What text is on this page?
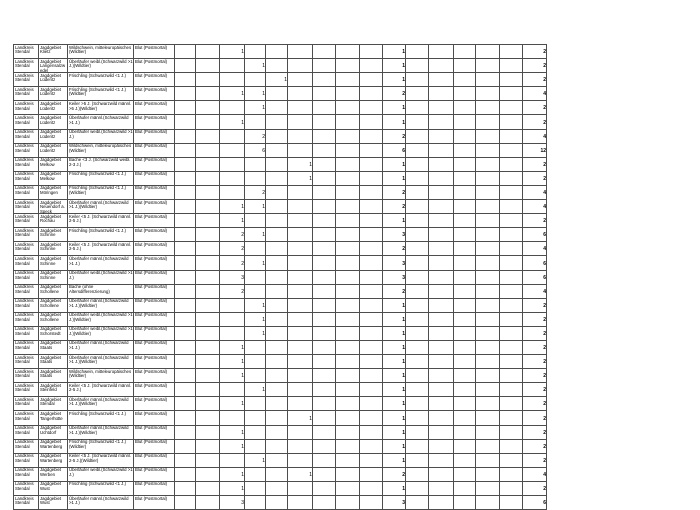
Landkreis Stendal	Jagdgebiet Klietz	Wildschwein, mitteleuropäisches (Wildtier)	Blut (Postmortal)			1							1						2

Landkreis Stendal	Jagdgebiet Langensalzwedel	Überläufer weibl.(Schwarzwild >1 J.)(Wildtier)	Blut (Postmortal)				1						1						2

Landkreis Stendal	Jagdgebiet Lüderitz	Frischling (Schwarzwild <1 J.)	Blut (Postmortal)					1					1						2

Landkreis Stendal	Jagdgebiet Lüderitz	Frischling (Schwarzwild <1 J.)(Wildtier)	Blut (Postmortal)			1	1						2						4

Landkreis Stendal	Jagdgebiet Lüderitz	Keiler >5 J. (Schwarzwild männl. >5 J.)(Wildtier)	Blut (Postmortal)				1						1						2

Landkreis Stendal	Jagdgebiet Lüderitz	Überläufer männl.(Schwarzwild >1 J.)	Blut (Postmortal)			1							1						2

Landkreis Stendal	Jagdgebiet Lüderitz	Überläufer weibl.(Schwarzwild >1 J.)	Blut (Postmortal)				2						2						4

Landkreis Stendal	Jagdgebiet Lüderitz	Wildschwein, mitteleuropäisches (Wildtier)	Blut (Postmortal)				6						6						12

Landkreis Stendal	Jagdgebiet Melkow	Bache <3 J. (Schwarzwild weibl. 2-3 J.)	Blut (Postmortal)						1				1						2

Landkreis Stendal	Jagdgebiet Melkow	Frischling (Schwarzwild <1 J.)	Blut (Postmortal)						1				1						2

Landkreis Stendal	Jagdgebiet Möringen	Frischling (Schwarzwild <1 J.)(Wildtier)	Blut (Postmortal)				2						2						4

Landkreis Stendal	Jagdgebiet Neuendorf a. Speck	Überläufer männl.(Schwarzwild >1 J.)(Wildtier)	Blut (Postmortal)			1	1						2						4

Landkreis Stendal	Jagdgebiet Rochau	Keiler <5 J. (Schwarzwild männl. 2-5 J.)	Blut (Postmortal)			1							1						2

Landkreis Stendal	Jagdgebiet Schinne	Frischling (Schwarzwild <1 J.)	Blut (Postmortal)			2	1						3						6

Landkreis Stendal	Jagdgebiet Schinne	Keiler <5 J. (Schwarzwild männl. 2-5 J.)	Blut (Postmortal)			2							2						4

Landkreis Stendal	Jagdgebiet Schinne	Überläufer männl.(Schwarzwild >1 J.)	Blut (Postmortal)			2	1						3						6

Landkreis Stendal	Jagdgebiet Schinne	Überläufer weibl.(Schwarzwild >1 J.)	Blut (Postmortal)			3							3						6

Landkreis Stendal	Jagdgebiet Schollene	Bache (ohne Altersdifferenzierung)	Blut (Postmortal)			2							2						4

Landkreis Stendal	Jagdgebiet Schollene	Überläufer männl.(Schwarzwild >1 J.)(Wildtier)	Blut (Postmortal)				1						1						2

Landkreis Stendal	Jagdgebiet Schollene	Überläufer weibl.(Schwarzwild >1 J.)(Wildtier)	Blut (Postmortal)				1						1						2

Landkreis Stendal	Jagdgebiet Schorstedt	Überläufer weibl.(Schwarzwild >1 J.)(Wildtier)	Blut (Postmortal)				1						1						2

Landkreis Stendal	Jagdgebiet Staats	Überläufer männl.(Schwarzwild >1 J.)	Blut (Postmortal)			1							1						2

Landkreis Stendal	Jagdgebiet Staats	Überläufer männl.(Schwarzwild >1 J.)(Wildtier)	Blut (Postmortal)			1							1						2

Landkreis Stendal	Jagdgebiet Staats	Wildschwein, mitteleuropäisches (Wildtier)	Blut (Postmortal)			1							1						2

Landkreis Stendal	Jagdgebiet Steinfeld	Keiler <5 J. (Schwarzwild männl. 2-5 J.)	Blut (Postmortal)				1						1						2

Landkreis Stendal	Jagdgebiet Stendal	Überläufer männl.(Schwarzwild >1 J.)(Wildtier)	Blut (Postmortal)			1							1						2

Landkreis Stendal	Jagdgebiet Tangerhütte	Frischling (Schwarzwild <1 J.)	Blut (Postmortal)						1				1						2

Landkreis Stendal	Jagdgebiet Uchtdorf	Überläufer männl.(Schwarzwild >1 J.)(Wildtier)	Blut (Postmortal)			1							1						2

Landkreis Stendal	Jagdgebiet Wartenberg	Frischling (Schwarzwild <1 J.)(Wildtier)	Blut (Postmortal)			1							1						2

Landkreis Stendal	Jagdgebiet Wartenberg	Keiler <5 J. (Schwarzwild männl. 2-5 J.)(Wildtier)	Blut (Postmortal)				1						1						2

Landkreis Stendal	Jagdgebiet Werben	Überläufer weibl.(Schwarzwild >1 J.)	Blut (Postmortal)			1			1				2						4

Landkreis Stendal	Jagdgebiet Wust	Frischling (Schwarzwild <1 J.)	Blut (Postmortal)			1							1						2

Landkreis Stendal	Jagdgebiet Wust	Überläufer männl.(Schwarzwild >1 J.)	Blut (Postmortal)			3							3						6
